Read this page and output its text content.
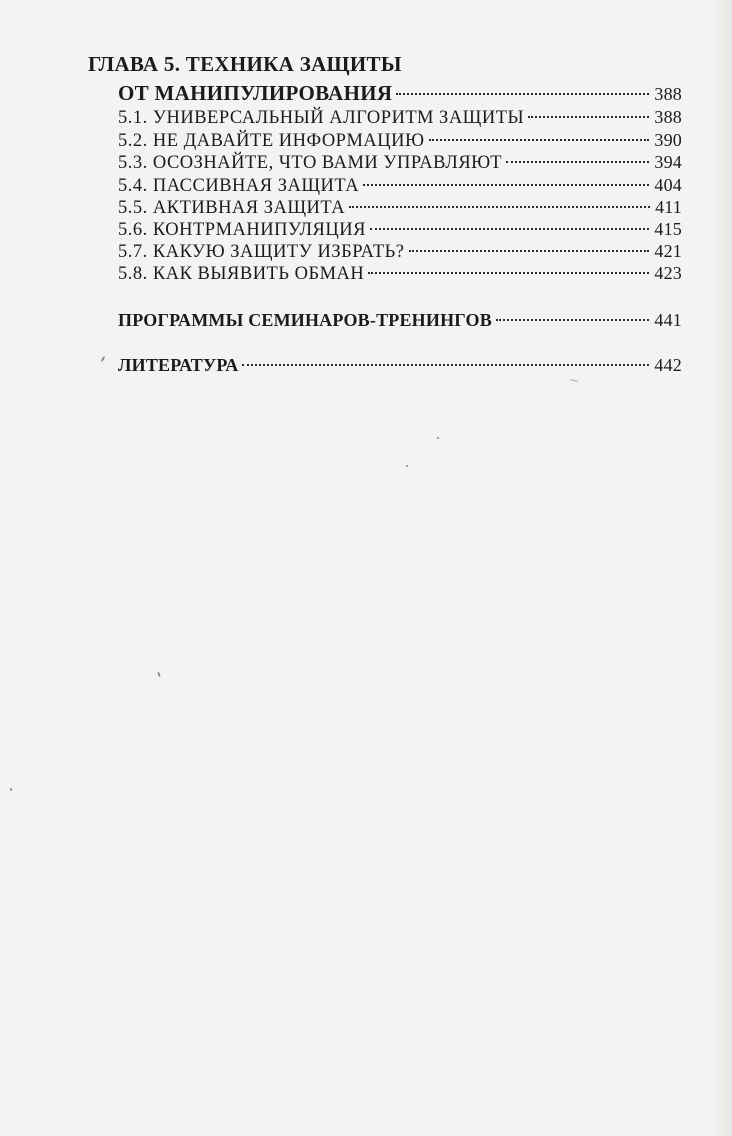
ГЛАВА 5. ТЕХНИКА ЗАЩИТЫ
ОТ МАНИПУЛИРОВАНИЯ	388
5.1. УНИВЕРСАЛЬНЫЙ АЛГОРИТМ ЗАЩИТЫ	388
5.2. НЕ ДАВАЙТЕ ИНФОРМАЦИЮ	390
5.3. ОСОЗНАЙТЕ, ЧТО ВАМИ УПРАВЛЯЮТ	394
5.4. ПАССИВНАЯ ЗАЩИТА	404
5.5. АКТИВНАЯ ЗАЩИТА	411
5.6. КОНТРМАНИПУЛЯЦИЯ	415
5.7. КАКУЮ ЗАЩИТУ ИЗБРАТЬ?	421
5.8. КАК ВЫЯВИТЬ ОБМАН	423
ПРОГРАММЫ СЕМИНАРОВ-ТРЕНИНГОВ	441
ЛИТЕРАТУРА	442
